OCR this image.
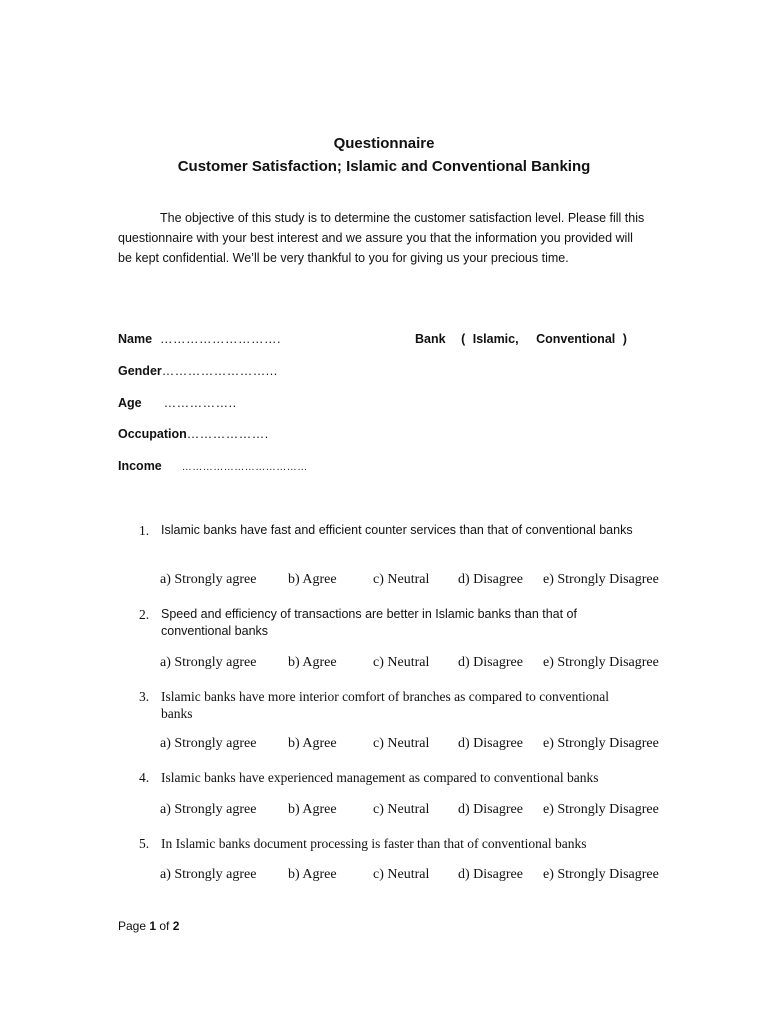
Questionnaire
Customer Satisfaction; Islamic and Conventional Banking
The objective of this study is to determine the customer satisfaction level. Please fill this questionnaire with your best interest and we assure you that the information you provided will be kept confidential. We’ll be very thankful to you for giving us your precious time.
Name ……………………….
Gender……………………...
Age ……………..
Occupation……………….
Income ………………………………
Bank ( Islamic, Conventional )
1. Islamic banks have fast and efficient counter services than that of conventional banks
a) Strongly agree b) Agree	c) Neutral d) Disagree e) Strongly Disagree
2. Speed and efficiency of transactions are better in Islamic banks than that of conventional banks
a) Strongly agree b) Agree	c) Neutral d) Disagree e) Strongly Disagree
3. Islamic banks have more interior comfort of branches as compared to conventional banks
a) Strongly agree b) Agree	c) Neutral d) Disagree e) Strongly Disagree
4. Islamic banks have experienced management as compared to conventional banks
a) Strongly agree b) Agree	c) Neutral d) Disagree e) Strongly Disagree
5. In Islamic banks document processing is faster than that of conventional banks
a) Strongly agree b) Agree	c) Neutral d) Disagree e) Strongly Disagree
Page 1 of 2
